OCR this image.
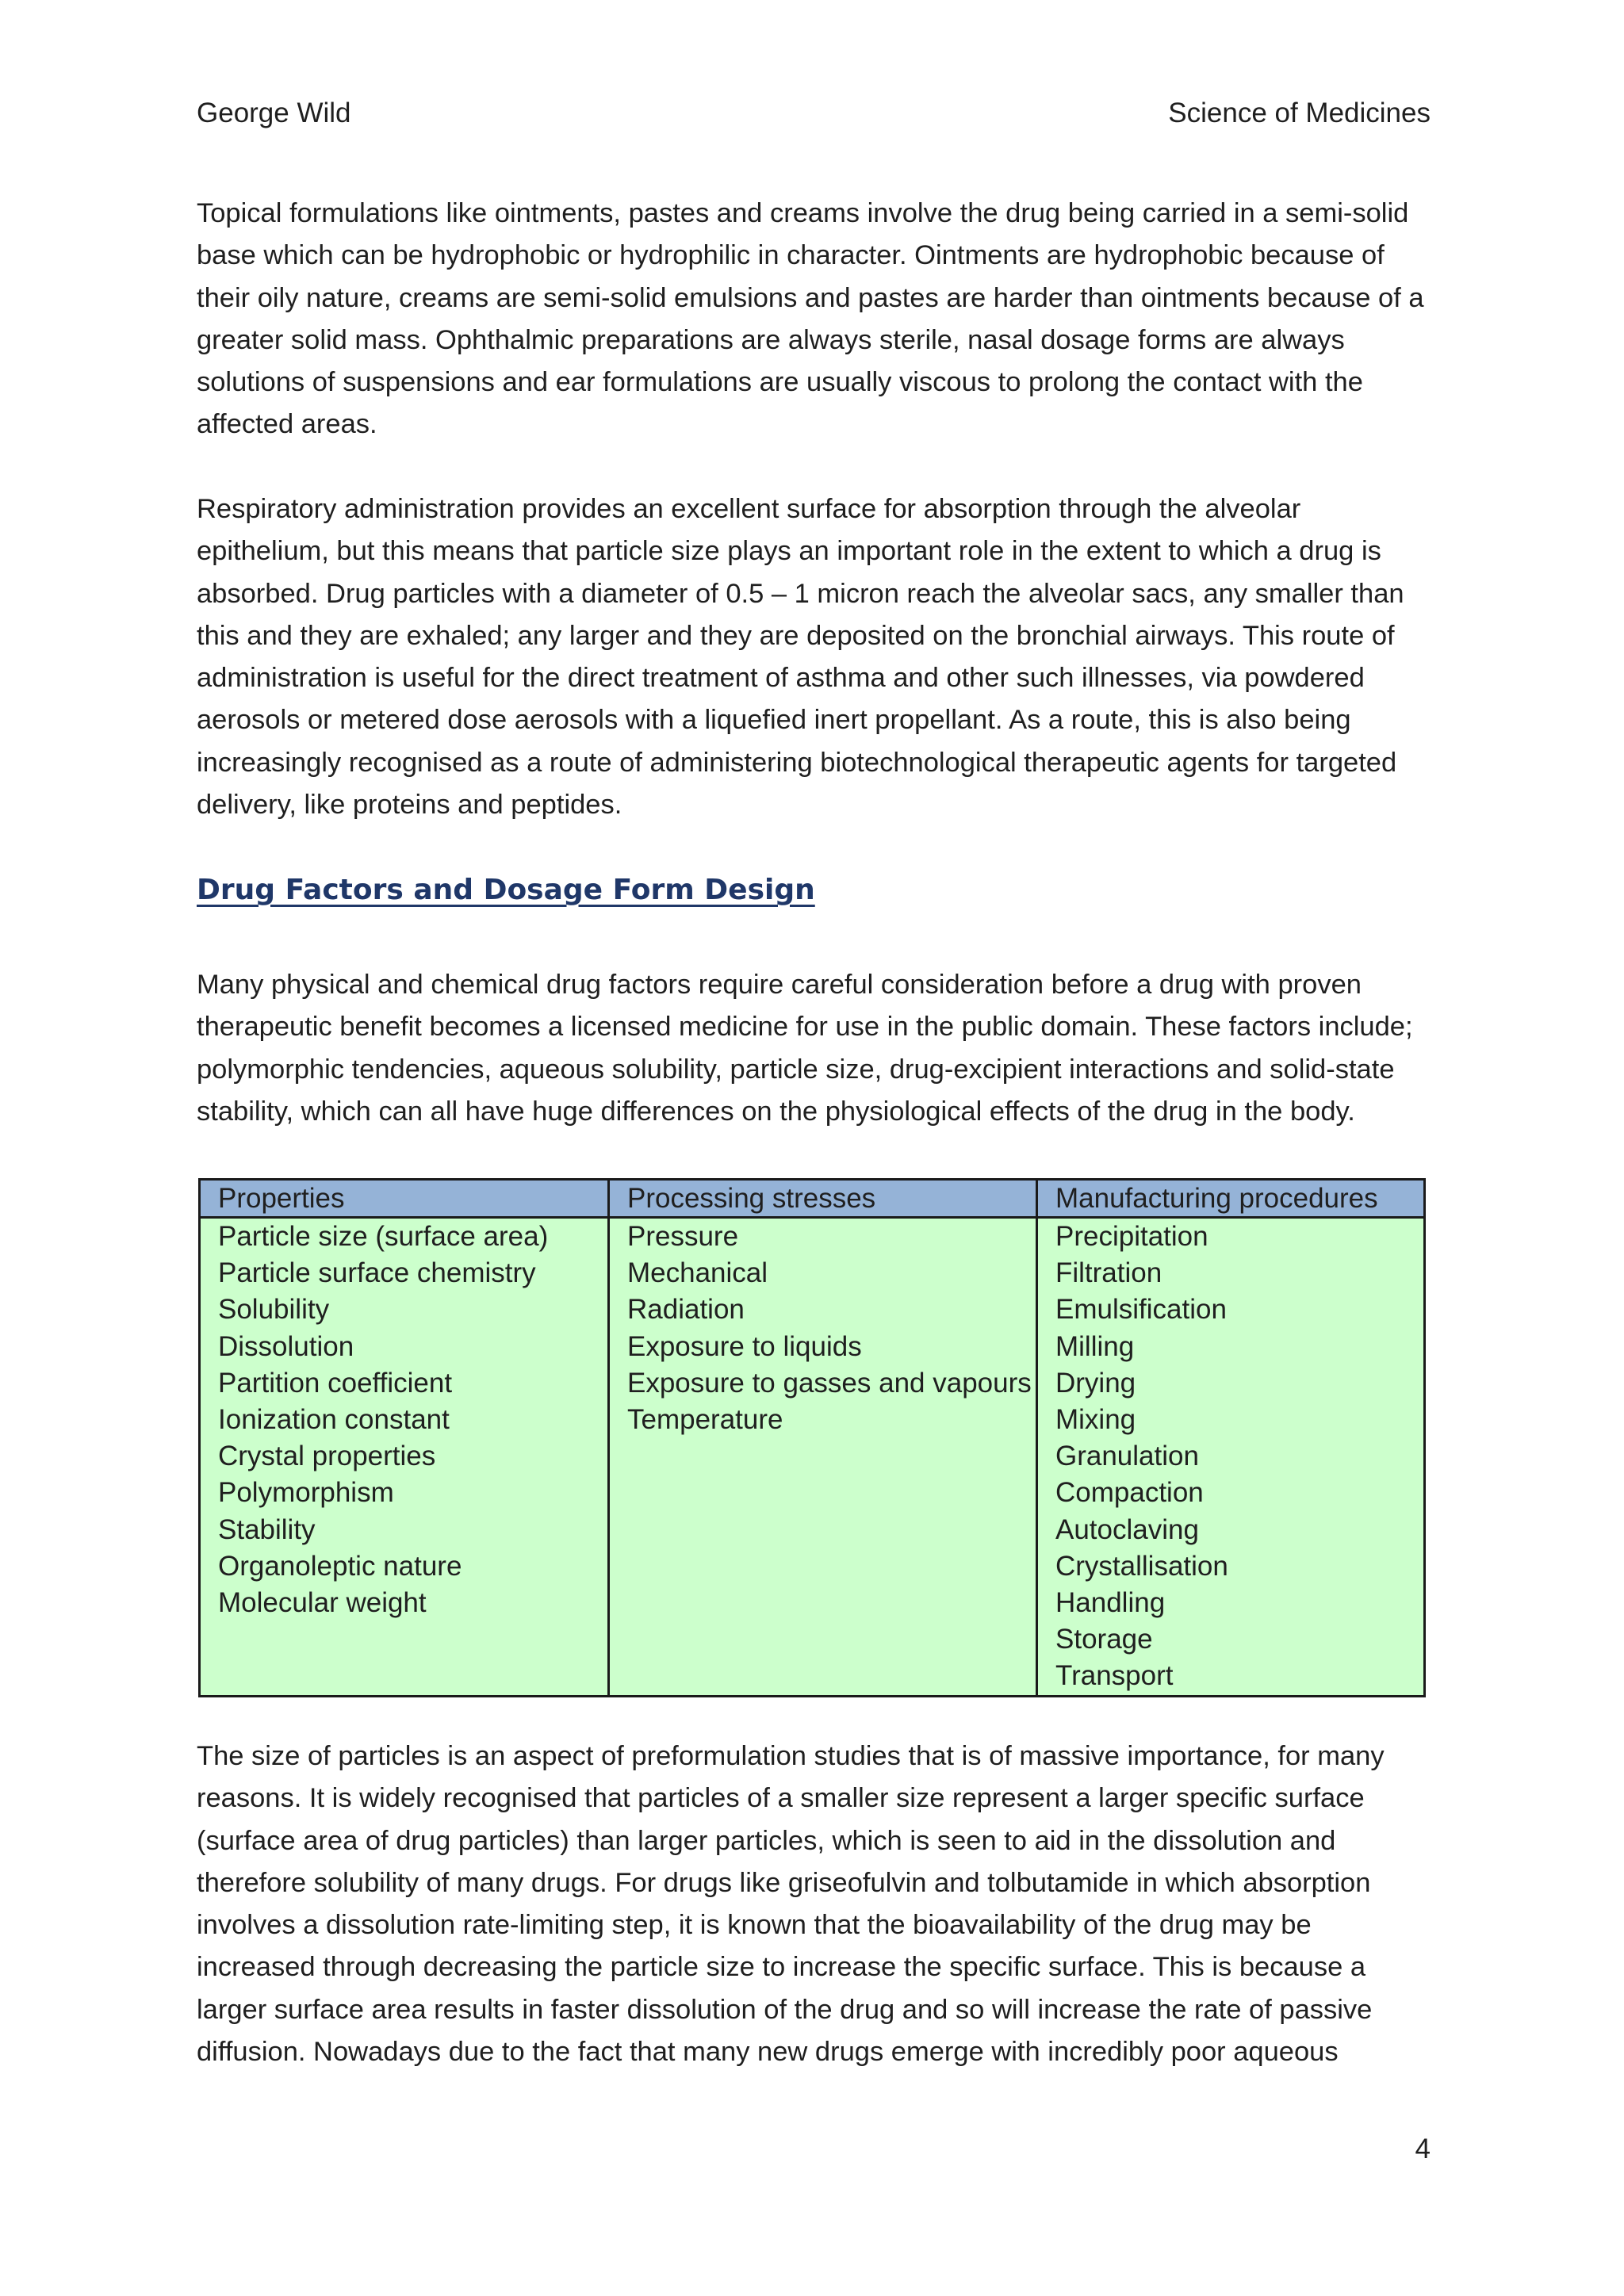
George Wild	Science of Medicines

Topical formulations like ointments, pastes and creams involve the drug being carried in a semi-solid base which can be hydrophobic or hydrophilic in character. Ointments are hydrophobic because of their oily nature, creams are semi-solid emulsions and pastes are harder than ointments because of a greater solid mass. Ophthalmic preparations are always sterile, nasal dosage forms are always solutions of suspensions and ear formulations are usually viscous to prolong the contact with the affected areas.

Respiratory administration provides an excellent surface for absorption through the alveolar epithelium, but this means that particle size plays an important role in the extent to which a drug is absorbed. Drug particles with a diameter of 0.5 – 1 micron reach the alveolar sacs, any smaller than this and they are exhaled; any larger and they are deposited on the bronchial airways. This route of administration is useful for the direct treatment of asthma and other such illnesses, via powdered aerosols or metered dose aerosols with a liquefied inert propellant. As a route, this is also being increasingly recognised as a route of administering biotechnological therapeutic agents for targeted delivery, like proteins and peptides.

Drug Factors and Dosage Form Design

Many physical and chemical drug factors require careful consideration before a drug with proven therapeutic benefit becomes a licensed medicine for use in the public domain. These factors include; polymorphic tendencies, aqueous solubility, particle size, drug-excipient interactions and solid-state stability, which can all have huge differences on the physiological effects of the drug in the body.

Properties
Particle size (surface area)
Particle surface chemistry
Solubility
Dissolution
Partition coefficient
Ionization constant
Crystal properties
Polymorphism
Stability
Organoleptic nature
Molecular weight
Processing stresses
Pressure
Mechanical
Radiation
Exposure to liquids
Exposure to gasses and vapours
Temperature
Manufacturing procedures
Precipitation
Filtration
Emulsification
Milling
Drying
Mixing
Granulation
Compaction
Autoclaving
Crystallisation
Handling
Storage
Transport

The size of particles is an aspect of preformulation studies that is of massive importance, for many reasons. It is widely recognised that particles of a smaller size represent a larger specific surface (surface area of drug particles) than larger particles, which is seen to aid in the dissolution and therefore solubility of many drugs. For drugs like griseofulvin and tolbutamide in which absorption involves a dissolution rate-limiting step, it is known that the bioavailability of the drug may be increased through decreasing the particle size to increase the specific surface. This is because a larger surface area results in faster dissolution of the drug and so will increase the rate of passive diffusion. Nowadays due to the fact that many new drugs emerge with incredibly poor aqueous

4
